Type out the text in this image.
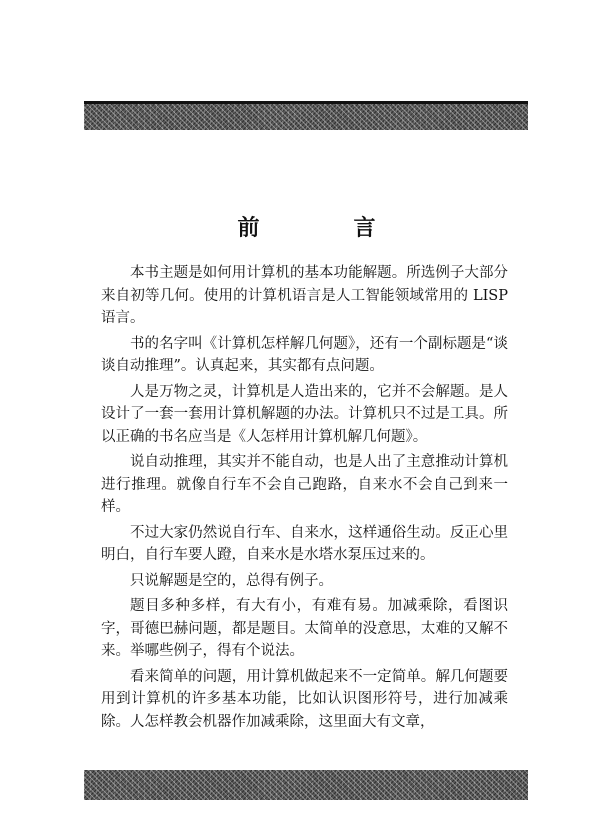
前　言

本书主题是如何用计算机的基本功能解题。所选例子大部分来自初等几何。使用的计算机语言是人工智能领域常用的 LISP 语言。

书的名字叫《计算机怎样解几何题》，还有一个副标题是“谈谈自动推理”。认真起来，其实都有点问题。

人是万物之灵，计算机是人造出来的，它并不会解题。是人设计了一套一套用计算机解题的办法。计算机只不过是工具。所以正确的书名应当是《人怎样用计算机解几何题》。

说自动推理，其实并不能自动，也是人出了主意推动计算机进行推理。就像自行车不会自己跑路，自来水不会自己到来一样。

不过大家仍然说自行车、自来水，这样通俗生动。反正心里明白，自行车要人蹬，自来水是水塔水泵压过来的。

只说解题是空的，总得有例子。

题目多种多样，有大有小，有难有易。加减乘除，看图识字，哥德巴赫问题，都是题目。太简单的没意思，太难的又解不来。举哪些例子，得有个说法。

看来简单的问题，用计算机做起来不一定简单。解几何题要用到计算机的许多基本功能，比如认识图形符号，进行加减乘除。人怎样教会机器作加减乘除，这里面大有文章，
